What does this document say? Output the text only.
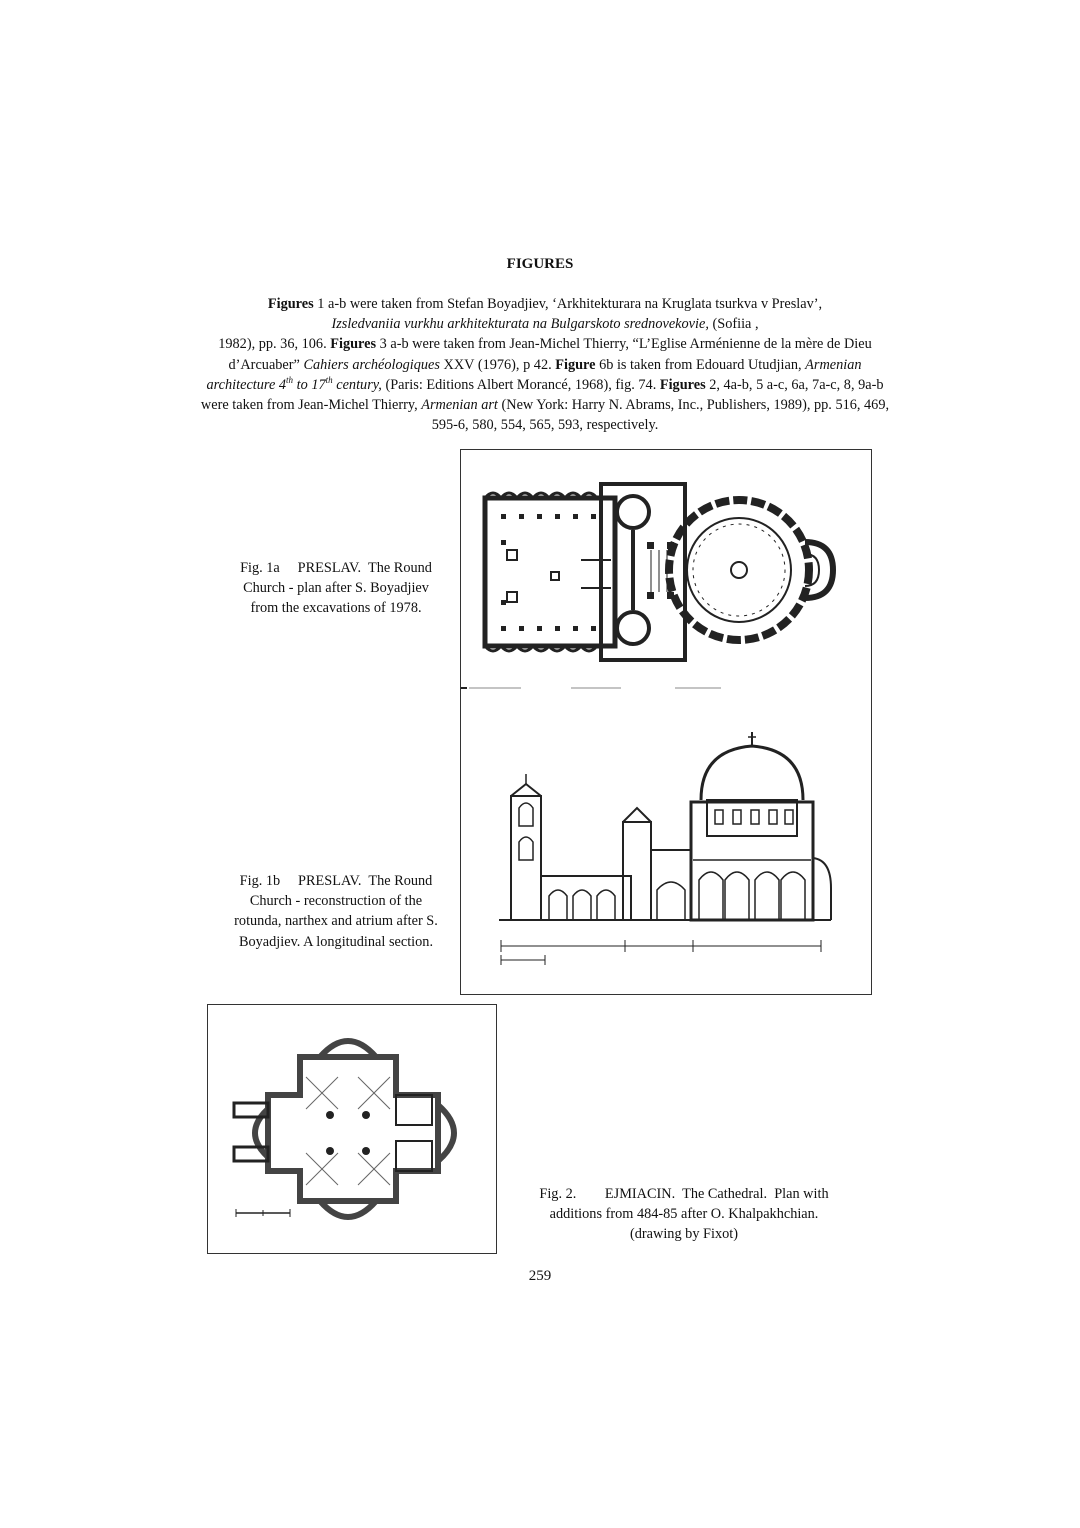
FIGURES
Figures 1 a-b were taken from Stefan Boyadjiev, ‘Arkhitekturara na Kruglata tsurkva v Preslav’,
Izsledvaniia vurkhu arkhitekturata na Bulgarskoto srednovekovie, (Sofiia ,
1982), pp. 36, 106. Figures 3 a-b were taken from Jean-Michel Thierry, “L’Eglise Arménienne de la mère de Dieu d’Arcuaber” Cahiers archéologiques XXV (1976), p 42. Figure 6b is taken from Edouard Utudjian, Armenian architecture 4th to 17th century, (Paris: Editions Albert Morancé, 1968), fig. 74. Figures 2, 4a-b, 5 a-c, 6a, 7a-c, 8, 9a-b were taken from Jean-Michel Thierry, Armenian art (New York: Harry N. Abrams, Inc., Publishers, 1989), pp. 516, 469, 595-6, 580, 554, 565, 593, respectively.
Fig. 1a     PRESLAV.  The Round
Church - plan after S. Boyadjiev
from the excavations of 1978.
Fig. 1b     PRESLAV.  The Round
Church - reconstruction of the
rotunda, narthex and atrium after S.
Boyadjiev. A longitudinal section.
Fig. 2.        EJMIACIN.  The Cathedral.  Plan with
additions from 484-85 after O. Khalpakhchian.
(drawing by Fixot)
259
